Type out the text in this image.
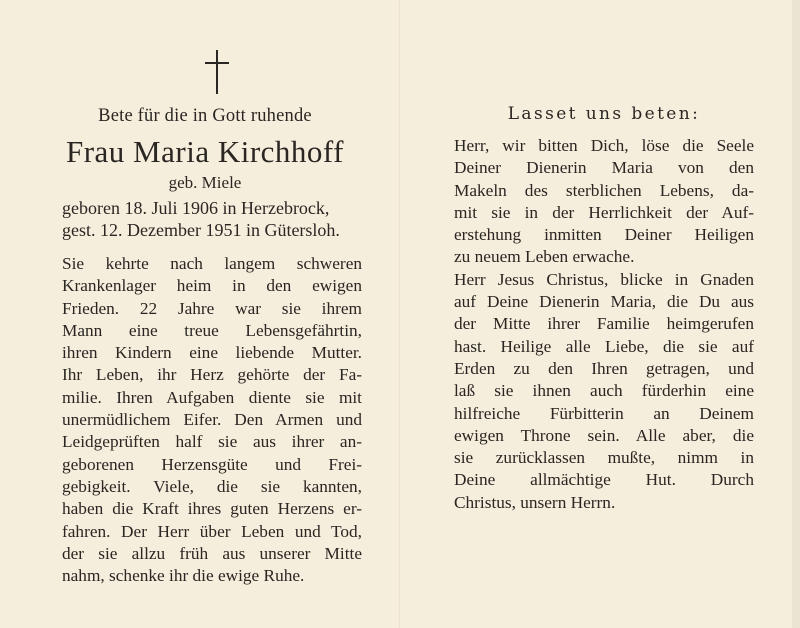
Bete für die in Gott ruhende
Frau Maria Kirchhoff
geb. Miele
geboren 18. Juli 1906 in Herzebrock,
gest. 12. Dezember 1951 in Gütersloh.
Sie kehrte nach langem schweren
Krankenlager heim in den ewigen
Frieden. 22 Jahre war sie ihrem
Mann eine treue Lebensgefährtin,
ihren Kindern eine liebende Mutter.
Ihr Leben, ihr Herz gehörte der Fa-
milie. Ihren Aufgaben diente sie mit
unermüdlichem Eifer. Den Armen und
Leidgeprüften half sie aus ihrer an-
geborenen Herzensgüte und Frei-
gebigkeit. Viele, die sie kannten,
haben die Kraft ihres guten Herzens er-
fahren. Der Herr über Leben und Tod,
der sie allzu früh aus unserer Mitte
nahm, schenke ihr die ewige Ruhe.
Lasset uns beten:
Herr, wir bitten Dich, löse die Seele
Deiner Dienerin Maria von den
Makeln des sterblichen Lebens, da-
mit sie in der Herrlichkeit der Auf-
erstehung inmitten Deiner Heiligen
zu neuem Leben erwache.
Herr Jesus Christus, blicke in Gnaden
auf Deine Dienerin Maria, die Du aus
der Mitte ihrer Familie heimgerufen
hast. Heilige alle Liebe, die sie auf
Erden zu den Ihren getragen, und
laß sie ihnen auch fürderhin eine
hilfreiche Fürbitterin an Deinem
ewigen Throne sein. Alle aber, die
sie zurücklassen mußte, nimm in
Deine allmächtige Hut. Durch
Christus, unsern Herrn.
